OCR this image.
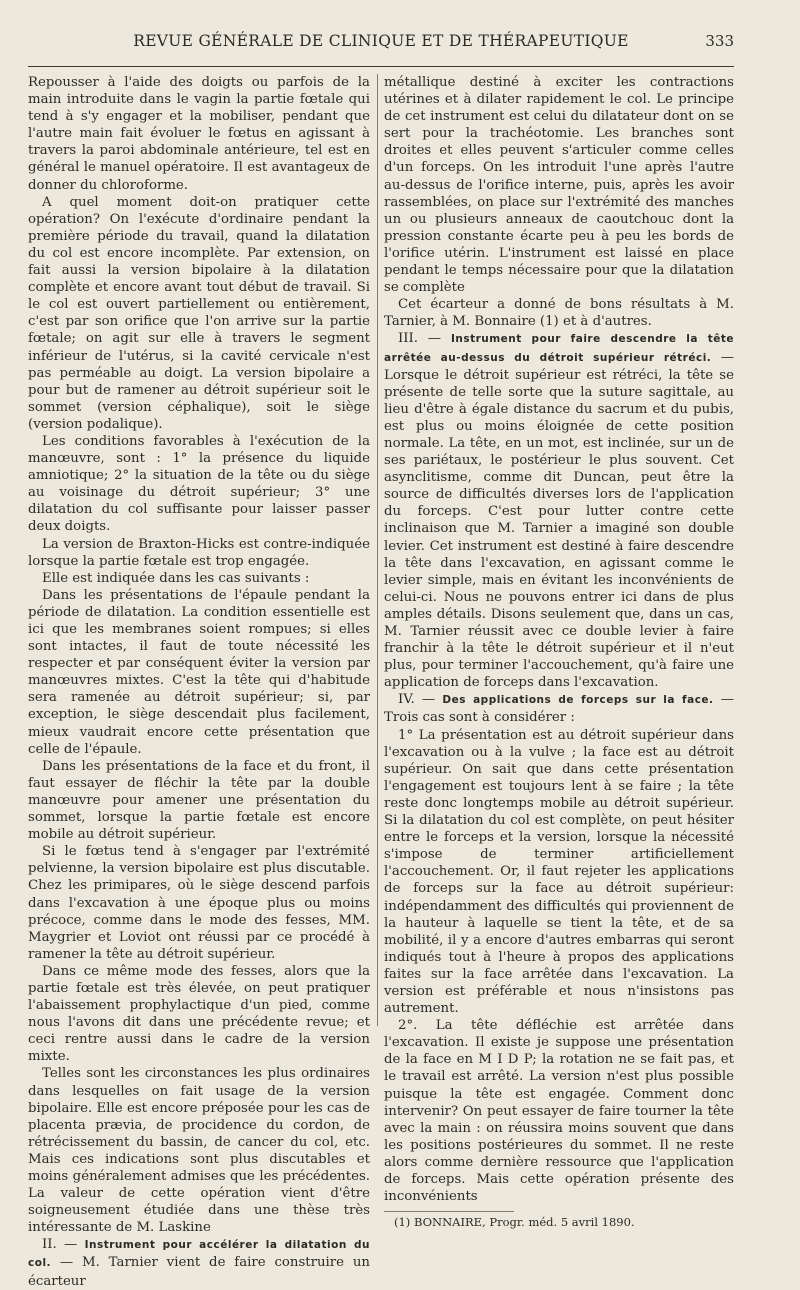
REVUE GÉNÉRALE DE CLINIQUE ET DE THÉRAPEUTIQUE	333

Repousser à l'aide des doigts ou parfois de la main introduite dans le vagin la partie fœtale qui tend à s'y engager et la mobiliser, pendant que l'autre main fait évoluer le fœtus en agissant à travers la paroi abdominale antérieure, tel est en général le manuel opératoire. Il est avantageux de donner du chloroforme.

A quel moment doit-on pratiquer cette opération? On l'exécute d'ordinaire pendant la première période du travail, quand la dilatation du col est encore incomplète. Par extension, on fait aussi la version bipolaire à la dilatation complète et encore avant tout début de travail. Si le col est ouvert partiellement ou entièrement, c'est par son orifice que l'on arrive sur la partie fœtale; on agit sur elle à travers le segment inférieur de l'utérus, si la cavité cervicale n'est pas perméable au doigt. La version bipolaire a pour but de ramener au détroit supérieur soit le sommet (version céphalique), soit le siège (version podalique).

Les conditions favorables à l'exécution de la manœuvre, sont : 1° la présence du liquide amniotique; 2° la situation de la tête ou du siège au voisinage du détroit supérieur; 3° une dilatation du col suffisante pour laisser passer deux doigts.

La version de Braxton-Hicks est contre-indiquée lorsque la partie fœtale est trop engagée.

Elle est indiquée dans les cas suivants :

Dans les présentations de l'épaule pendant la période de dilatation. La condition essentielle est ici que les membranes soient rompues; si elles sont intactes, il faut de toute nécessité les respecter et par conséquent éviter la version par manœuvres mixtes. C'est la tête qui d'habitude sera ramenée au détroit supérieur; si, par exception, le siège descendait plus facilement, mieux vaudrait encore cette présentation que celle de l'épaule.

Dans les présentations de la face et du front, il faut essayer de fléchir la tête par la double manœuvre pour amener une présentation du sommet, lorsque la partie fœtale est encore mobile au détroit supérieur.

Si le fœtus tend à s'engager par l'extrémité pelvienne, la version bipolaire est plus discutable. Chez les primipares, où le siège descend parfois dans l'excavation à une époque plus ou moins précoce, comme dans le mode des fesses, MM. Maygrier et Loviot ont réussi par ce procédé à ramener la tête au détroit supérieur.

Dans ce même mode des fesses, alors que la partie fœtale est très élevée, on peut pratiquer l'abaissement prophylactique d'un pied, comme nous l'avons dit dans une précédente revue; et ceci rentre aussi dans le cadre de la version mixte.

Telles sont les circonstances les plus ordinaires dans lesquelles on fait usage de la version bipolaire. Elle est encore préposée pour les cas de placenta prævia, de procidence du cordon, de rétrécissement du bassin, de cancer du col, etc. Mais ces indications sont plus discutables et moins généralement admises que les précédentes. La valeur de cette opération vient d'être soigneusement étudiée dans une thèse très intéressante de M. Laskine

II. — Instrument pour accélérer la dilatation du col. — M. Tarnier vient de faire construire un écarteur

métallique destiné à exciter les contractions utérines et à dilater rapidement le col. Le principe de cet instrument est celui du dilatateur dont on se sert pour la trachéotomie. Les branches sont droites et elles peuvent s'articuler comme celles d'un forceps. On les introduit l'une après l'autre au-dessus de l'orifice interne, puis, après les avoir rassemblées, on place sur l'extrémité des manches un ou plusieurs anneaux de caoutchouc dont la pression constante écarte peu à peu les bords de l'orifice utérin. L'instrument est laissé en place pendant le temps nécessaire pour que la dilatation se complète

Cet écarteur a donné de bons résultats à M. Tarnier, à M. Bonnaire (1) et à d'autres.

III. — Instrument pour faire descendre la tête arrêtée au-dessus du détroit supérieur rétréci. — Lorsque le détroit supérieur est rétréci, la tête se présente de telle sorte que la suture sagittale, au lieu d'être à égale distance du sacrum et du pubis, est plus ou moins éloignée de cette position normale. La tête, en un mot, est inclinée, sur un de ses pariétaux, le postérieur le plus souvent. Cet asynclitisme, comme dit Duncan, peut être la source de difficultés diverses lors de l'application du forceps. C'est pour lutter contre cette inclinaison que M. Tarnier a imaginé son double levier. Cet instrument est destiné à faire descendre la tête dans l'excavation, en agissant comme le levier simple, mais en évitant les inconvénients de celui-ci. Nous ne pouvons entrer ici dans de plus amples détails. Disons seulement que, dans un cas, M. Tarnier réussit avec ce double levier à faire franchir à la tête le détroit supérieur et il n'eut plus, pour terminer l'accouchement, qu'à faire une application de forceps dans l'excavation.

IV. — Des applications de forceps sur la face. — Trois cas sont à considérer :

1° La présentation est au détroit supérieur dans l'excavation ou à la vulve ; la face est au détroit supérieur. On sait que dans cette présentation l'engagement est toujours lent à se faire ; la tête reste donc longtemps mobile au détroit supérieur. Si la dilatation du col est complète, on peut hésiter entre le forceps et la version, lorsque la nécessité s'impose de terminer artificiellement l'accouchement. Or, il faut rejeter les applications de forceps sur la face au détroit supérieur: indépendamment des difficultés qui proviennent de la hauteur à laquelle se tient la tête, et de sa mobilité, il y a encore d'autres embarras qui seront indiqués tout à l'heure à propos des applications faites sur la face arrêtée dans l'excavation. La version est préférable et nous n'insistons pas autrement.

2°. La tête défléchie est arrêtée dans l'excavation. Il existe je suppose une présentation de la face en M I D P; la rotation ne se fait pas, et le travail est arrêté. La version n'est plus possible puisque la tête est engagée. Comment donc intervenir? On peut essayer de faire tourner la tête avec la main : on réussira moins souvent que dans les positions postérieures du sommet. Il ne reste alors comme dernière ressource que l'application de forceps. Mais cette opération présente des inconvénients

(1) BONNAIRE, Progr. méd. 5 avril 1890.
